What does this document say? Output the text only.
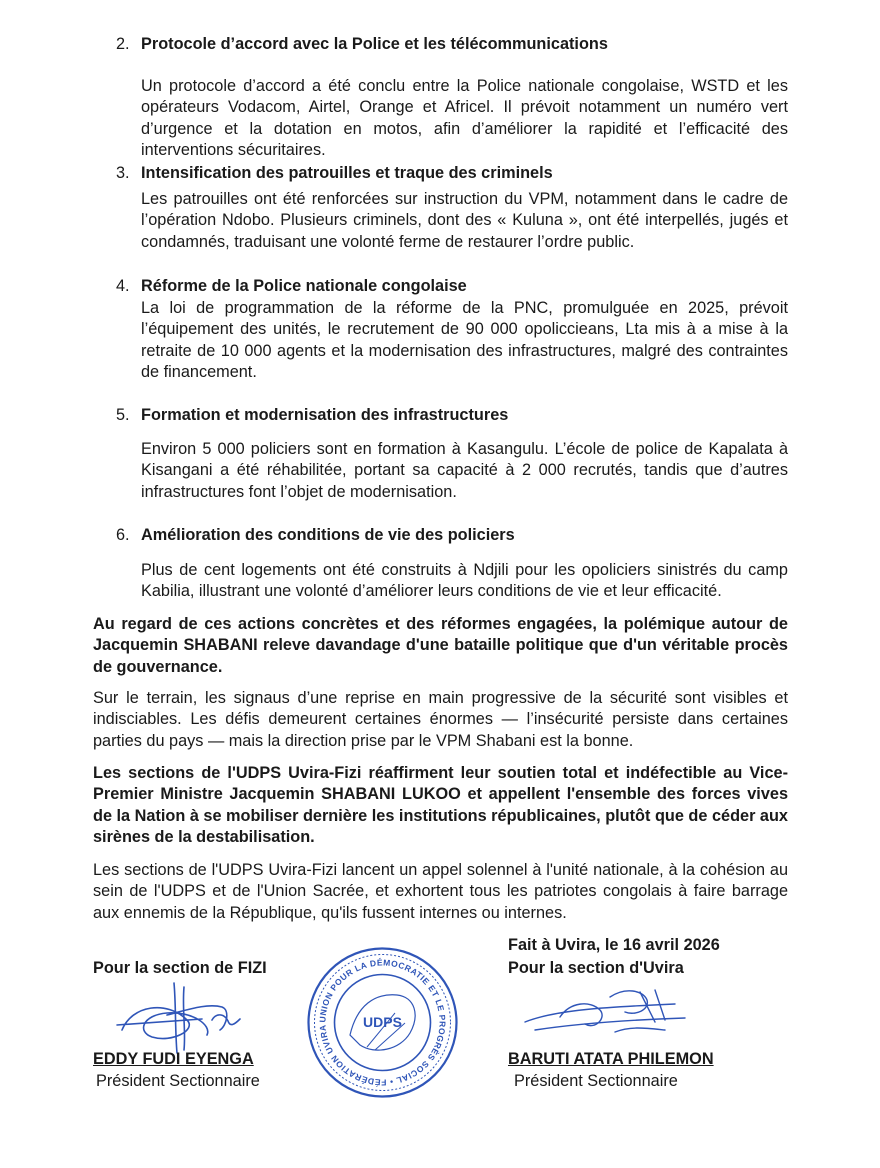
2. Protocole d’accord avec la Police et les télécommunications
Un protocole d’accord a été conclu entre la Police nationale congolaise, WSTD et les opérateurs Vodacom, Airtel, Orange et Africel. Il prévoit notamment un numéro vert d’urgence et la dotation en motos, afin d’améliorer la rapidité et l’efficacité des interventions sécuritaires.
3. Intensification des patrouilles et traque des criminels
Les patrouilles ont été renforcées sur instruction du VPM, notamment dans le cadre de l’opération Ndobo. Plusieurs criminels, dont des « Kuluna », ont été interpellés, jugés et condamnés, traduisant une volonté ferme de restaurer l’ordre public.
4. Réforme de la Police nationale congolaise
La loi de programmation de la réforme de la PNC, promulguée en 2025, prévoit l’équipement des unités, le recrutement de 90 000 opoliccieans, Lta mis à a mise à la retraite de 10 000 agents et la modernisation des infrastructures, malgré des contraintes de financement.
5. Formation et modernisation des infrastructures
Environ 5 000 policiers sont en formation à Kasangulu. L’école de police de Kapalata à Kisangani a été réhabilitée, portant sa capacité à 2 000 recrutés, tandis que d’autres infrastructures font l’objet de modernisation.
6. Amélioration des conditions de vie des policiers
Plus de cent logements ont été construits à Ndjili pour les opoliciers sinistrés du camp Kabilia, illustrant une volonté d’améliorer leurs conditions de vie et leur efficacité.
Au regard de ces actions concrètes et des réformes engagées, la polémique autour de Jacquemin SHABANI releve davandage d'une bataille politique que d'un véritable procès de gouvernance.
Sur le terrain, les signaus d’une reprise en main progressive de la sécurité sont visibles et indisciables. Les défis demeurent certaines énormes — l’insécurité persiste dans certaines parties du pays — mais la direction prise par le VPM Shabani est la bonne.
Les sections de l'UDPS Uvira-Fizi réaffirment leur soutien total et indéfectible au Vice-Premier Ministre Jacquemin SHABANI LUKOO et appellent l'ensemble des forces vives de la Nation à se mobiliser dernière les institutions républicaines, plutôt que de céder aux sirènes de la destabilisation.
Les sections de l'UDPS Uvira-Fizi lancent un appel solennel à l'unité nationale, à la cohésion au sein de l'UDPS et de l'Union Sacrée, et exhortent tous les patriotes congolais à faire barrage aux ennemis de la République, qu'ils fussent internes ou internes.
Fait à Uvira, le 16 avril 2026
Pour la section de FIZI	Pour la section d'Uvira
UNION POUR LA DÉMOCRATIE ET LE PROGRÈS SOCIAL • FÉDÉRATION UVIRA FIZI
UDPS
EDDY FUDI EYENGA	BARUTI ATATA PHILEMON
Président Sectionnaire	Président Sectionnaire
